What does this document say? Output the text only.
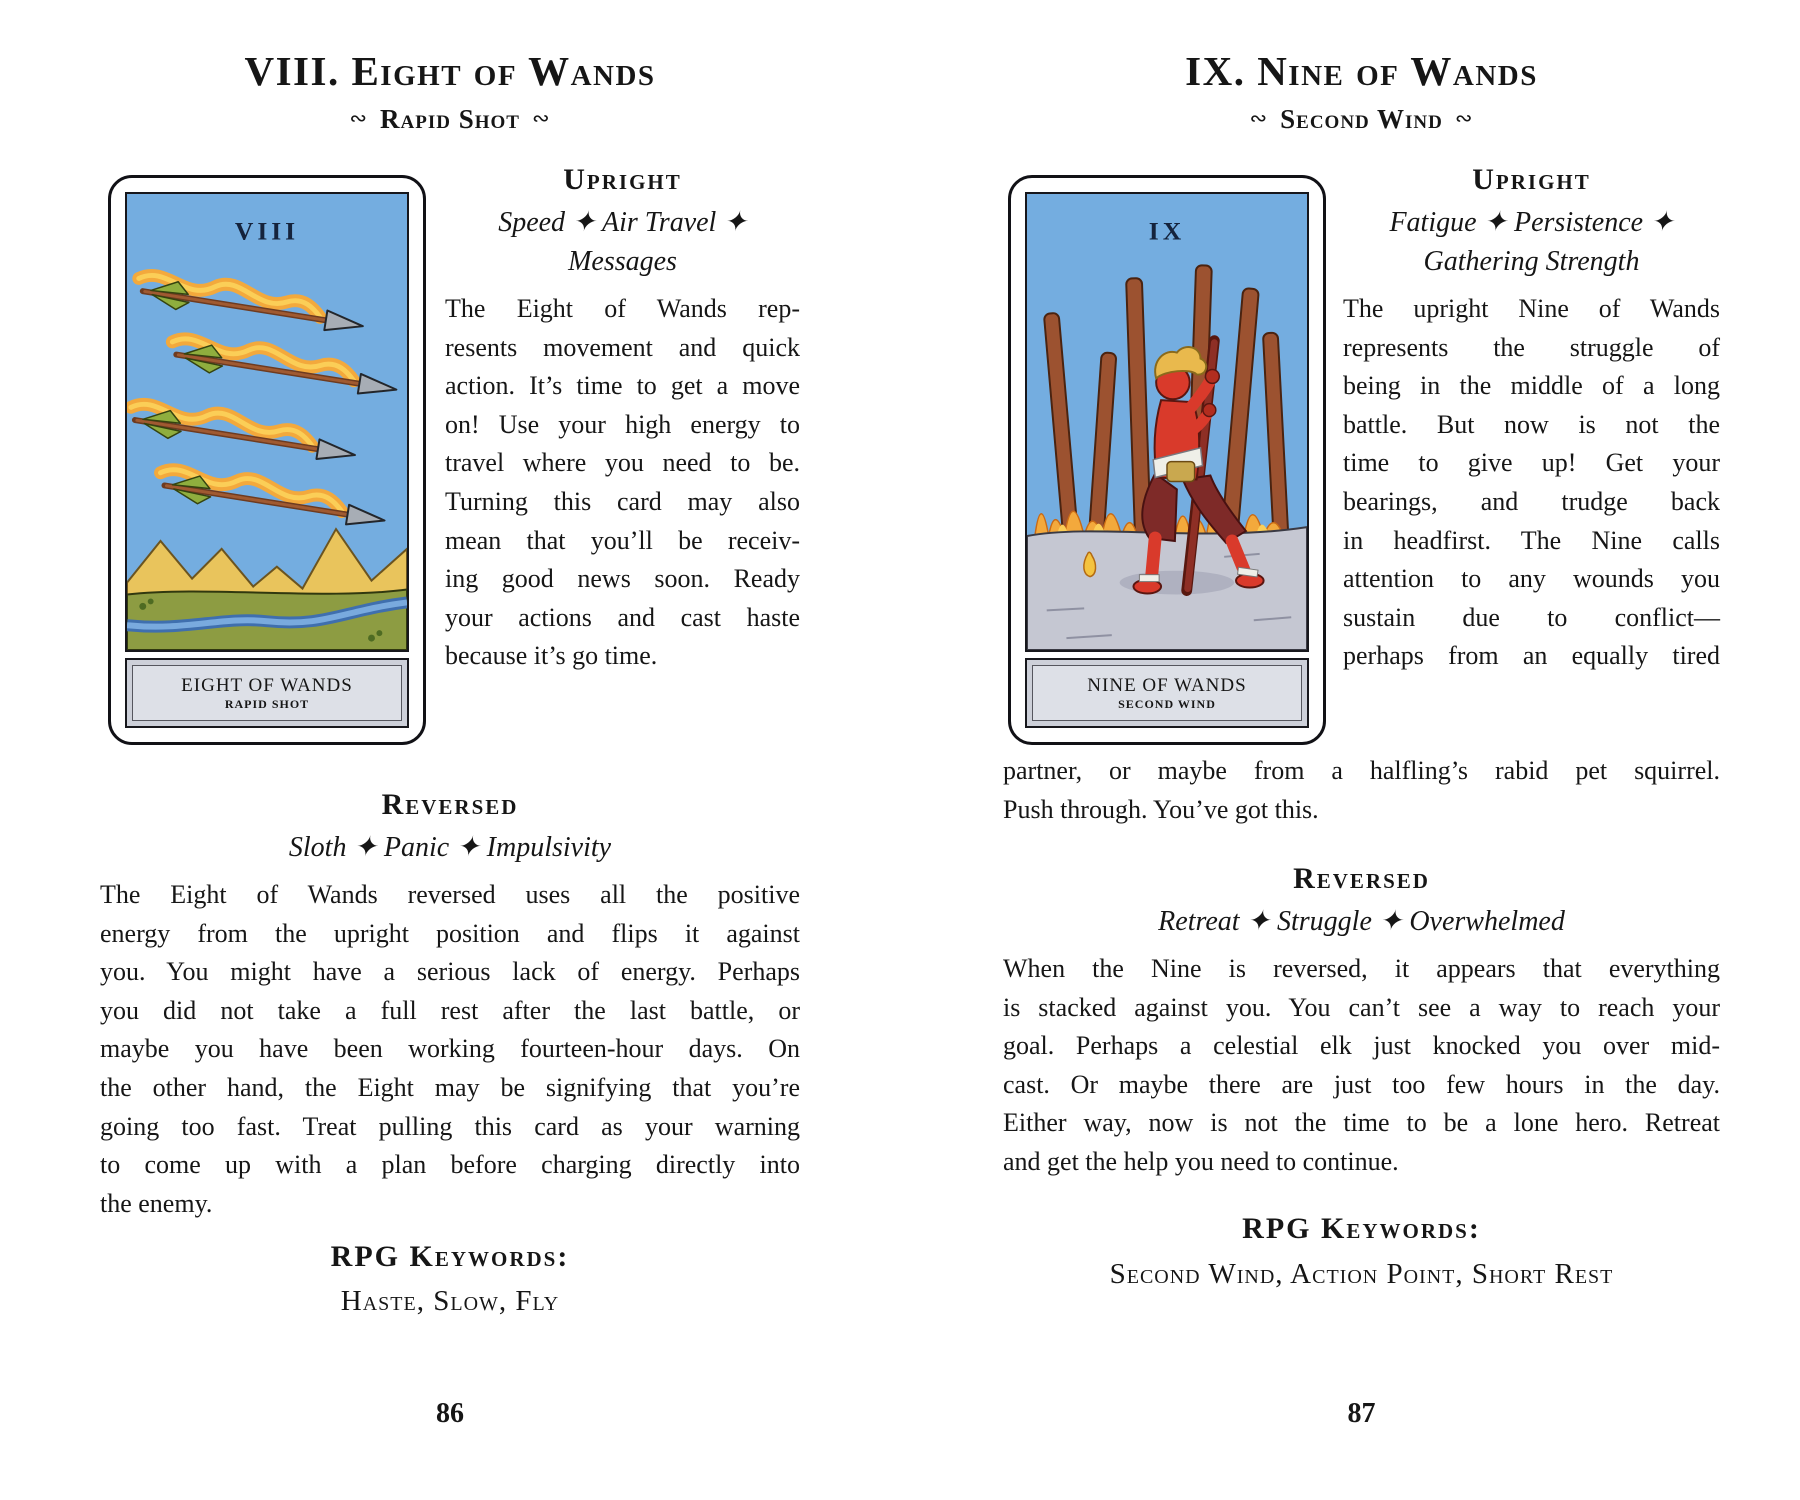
VIII. Eight of Wands
∾ Rapid Shot ∾
VIII
EIGHT OF WANDS
RAPID SHOT
Upright
Speed ✦ Air Travel ✦
Messages
The Eight of Wands rep-
resents movement and quick
action. It’s time to get a move
on! Use your high energy to
travel where you need to be.
Turning this card may also
mean that you’ll be receiv-
ing good news soon. Ready
your actions and cast haste
because it’s go time.
Reversed
Sloth ✦ Panic ✦ Impulsivity
The Eight of Wands reversed uses all the positive
energy from the upright position and flips it against
you. You might have a serious lack of energy. Perhaps
you did not take a full rest after the last battle, or
maybe you have been working fourteen-hour days. On
the other hand, the Eight may be signifying that you’re
going too fast. Treat pulling this card as your warning
to come up with a plan before charging directly into
the enemy.
RPG Keywords:
Haste, Slow, Fly
86
IX. Nine of Wands
∾ Second Wind ∾
IX
NINE OF WANDS
SECOND WIND
Upright
Fatigue ✦ Persistence ✦
Gathering Strength
The upright Nine of Wands
represents the struggle of
being in the middle of a long
battle. But now is not the
time to give up! Get your
bearings, and trudge back
in headfirst. The Nine calls
attention to any wounds you
sustain due to conflict—
perhaps from an equally tired
partner, or maybe from a halfling’s rabid pet squirrel.
Push through. You’ve got this.
Reversed
Retreat ✦ Struggle ✦ Overwhelmed
When the Nine is reversed, it appears that everything
is stacked against you. You can’t see a way to reach your
goal. Perhaps a celestial elk just knocked you over mid-
cast. Or maybe there are just too few hours in the day.
Either way, now is not the time to be a lone hero. Retreat
and get the help you need to continue.
RPG Keywords:
Second Wind, Action Point, Short Rest
87
